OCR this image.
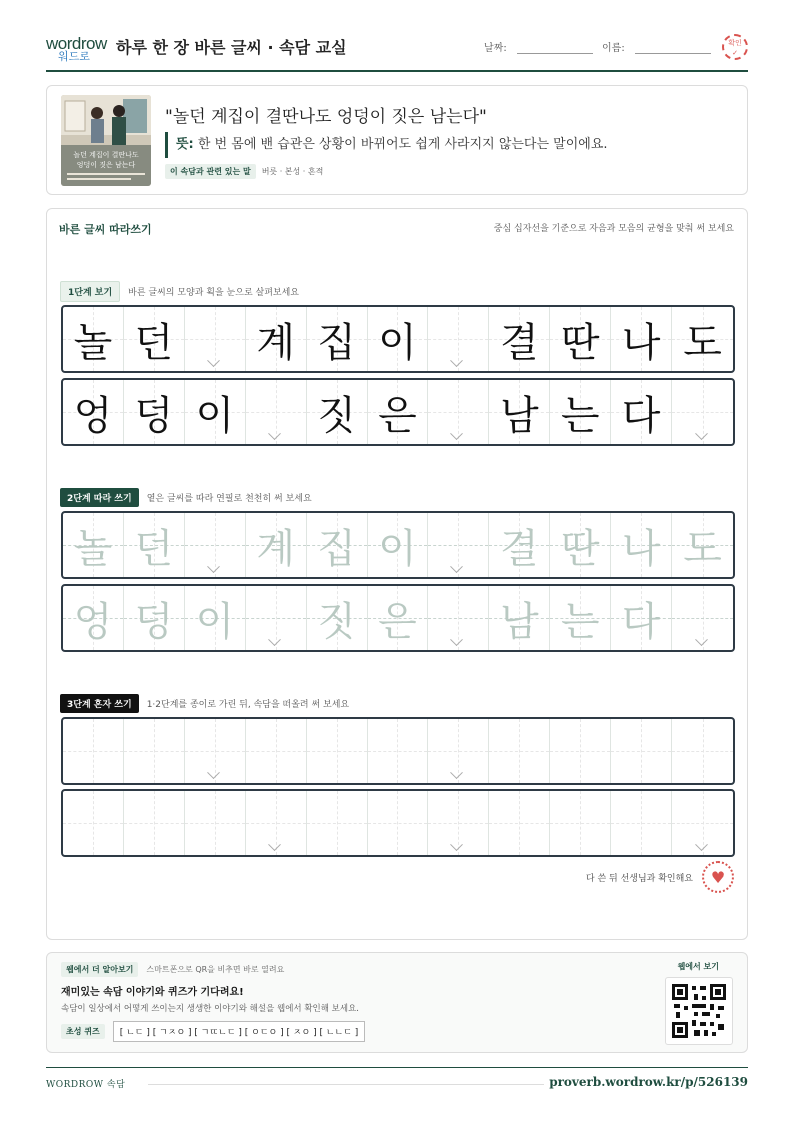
wordrow
워드로 하루 한 장 바른 글씨 · 속담 교실	날짜:	이름:	확인
✓
놀던 계집이 결딴나도
엉덩이 짓은 남는다
"놀던 계집이 결딴나도 엉덩이 짓은 남는다"
뜻: 한 번 몸에 밴 습관은 상황이 바뀌어도 쉽게 사라지지 않는다는 말이에요.
이 속담과 관련 있는 말	버릇 · 본성 · 흔적
바른 글씨 따라쓰기	중심 십자선을 기준으로 자음과 모음의 균형을 맞춰 써 보세요
1단계 보기	바른 글씨의 모양과 획을 눈으로 살펴보세요
놀 던 계 집 이 결 딴 나 도
엉 덩 이 짓 은 남 는 다
2단계 따라 쓰기	옅은 글씨를 따라 연필로 천천히 써 보세요
놀 던 계 집 이 결 딴 나 도
엉 덩 이 짓 은 남 는 다
3단계 혼자 쓰기	1·2단계를 종이로 가린 뒤, 속담을 떠올려 써 보세요
다 쓴 뒤 선생님과 확인해요	♥
웹에서 더 알아보기	스마트폰으로 QR을 비추면 바로 열려요
재미있는 속담 이야기와 퀴즈가 기다려요!
속담이 일상에서 어떻게 쓰이는지 생생한 이야기와 해설을 웹에서 확인해 보세요.
초성 퀴즈	[ ㄴㄷ ] [ ㄱㅈㅇ ] [ ㄱㄸㄴㄷ ] [ ㅇㄷㅇ ] [ ㅈㅇ ] [ ㄴㄴㄷ ]
웹에서 보기
WORDROW 속담	proverb.wordrow.kr/p/526139
